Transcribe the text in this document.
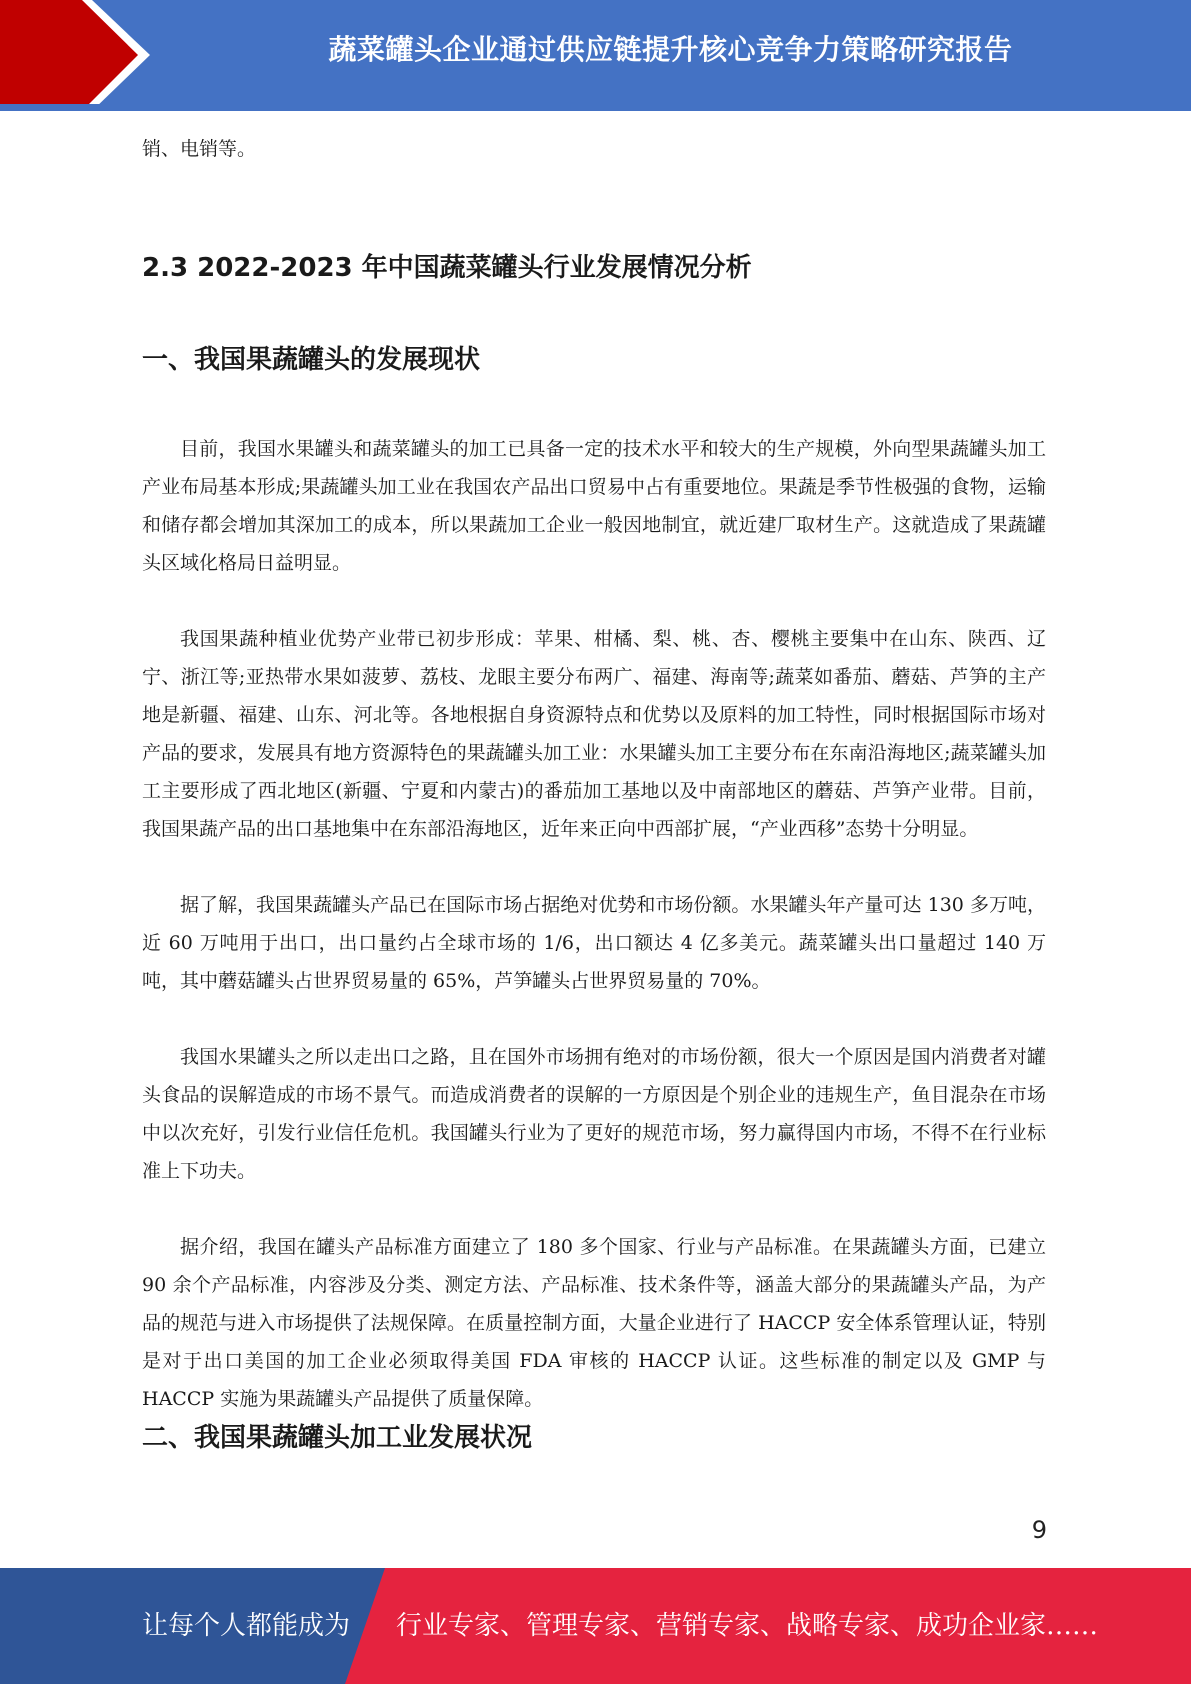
蔬菜罐头企业通过供应链提升核心竞争力策略研究报告

销、电销等。

2.3 2022-2023 年中国蔬菜罐头行业发展情况分析
一、我国果蔬罐头的发展现状

目前，我国水果罐头和蔬菜罐头的加工已具备一定的技术水平和较大的生产规模，外向型果蔬罐头加工产业布局基本形成;果蔬罐头加工业在我国农产品出口贸易中占有重要地位。果蔬是季节性极强的食物，运输和储存都会增加其深加工的成本，所以果蔬加工企业一般因地制宜，就近建厂取材生产。这就造成了果蔬罐头区域化格局日益明显。

我国果蔬种植业优势产业带已初步形成：苹果、柑橘、梨、桃、杏、樱桃主要集中在山东、陕西、辽宁、浙江等;亚热带水果如菠萝、荔枝、龙眼主要分布两广、福建、海南等;蔬菜如番茄、蘑菇、芦笋的主产地是新疆、福建、山东、河北等。各地根据自身资源特点和优势以及原料的加工特性，同时根据国际市场对产品的要求，发展具有地方资源特色的果蔬罐头加工业：水果罐头加工主要分布在东南沿海地区;蔬菜罐头加工主要形成了西北地区(新疆、宁夏和内蒙古)的番茄加工基地以及中南部地区的蘑菇、芦笋产业带。目前，我国果蔬产品的出口基地集中在东部沿海地区，近年来正向中西部扩展，“产业西移”态势十分明显。

据了解，我国果蔬罐头产品已在国际市场占据绝对优势和市场份额。水果罐头年产量可达 130 多万吨，近 60 万吨用于出口，出口量约占全球市场的 1/6，出口额达 4 亿多美元。蔬菜罐头出口量超过 140 万吨，其中蘑菇罐头占世界贸易量的 65%，芦笋罐头占世界贸易量的 70%。

我国水果罐头之所以走出口之路，且在国外市场拥有绝对的市场份额，很大一个原因是国内消费者对罐头食品的误解造成的市场不景气。而造成消费者的误解的一方原因是个别企业的违规生产，鱼目混杂在市场中以次充好，引发行业信任危机。我国罐头行业为了更好的规范市场，努力赢得国内市场，不得不在行业标准上下功夫。

据介绍，我国在罐头产品标准方面建立了 180 多个国家、行业与产品标准。在果蔬罐头方面，已建立 90 余个产品标准，内容涉及分类、测定方法、产品标准、技术条件等，涵盖大部分的果蔬罐头产品，为产品的规范与进入市场提供了法规保障。在质量控制方面，大量企业进行了 HACCP 安全体系管理认证，特别是对于出口美国的加工企业必须取得美国 FDA 审核的 HACCP 认证。这些标准的制定以及 GMP 与 HACCP 实施为果蔬罐头产品提供了质量保障。

二、我国果蔬罐头加工业发展状况
9
让每个人都能成为 行业专家、管理专家、营销专家、战略专家、成功企业家……
